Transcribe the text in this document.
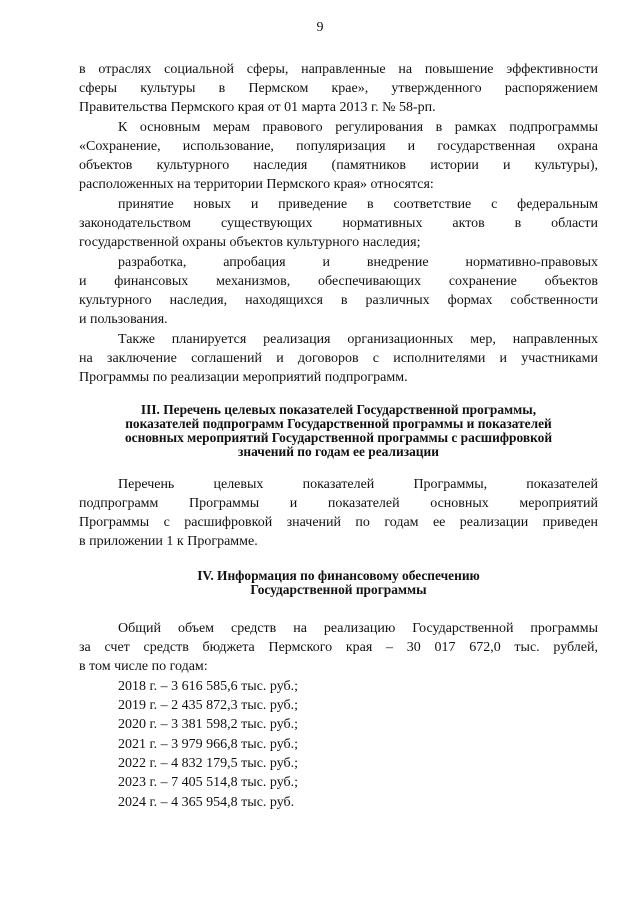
9
в отраслях социальной сферы, направленные на повышение эффективности
сферы культуры в Пермском крае», утвержденного распоряжением
Правительства Пермского края от 01 марта 2013 г. № 58-рп.
К основным мерам правового регулирования в рамках подпрограммы
«Сохранение, использование, популяризация и государственная охрана
объектов культурного наследия (памятников истории и культуры),
расположенных на территории Пермского края» относятся:
принятие новых и приведение в соответствие с федеральным
законодательством существующих нормативных актов в области
государственной охраны объектов культурного наследия;
разработка, апробация и внедрение нормативно-правовых
и финансовых механизмов, обеспечивающих сохранение объектов
культурного наследия, находящихся в различных формах собственности
и пользования.
Также планируется реализация организационных мер, направленных
на заключение соглашений и договоров с исполнителями и участниками
Программы по реализации мероприятий подпрограмм.
III. Перечень целевых показателей Государственной программы,
показателей подпрограмм Государственной программы и показателей
основных мероприятий Государственной программы с расшифровкой
значений по годам ее реализации
Перечень целевых показателей Программы, показателей
подпрограмм Программы и показателей основных мероприятий
Программы с расшифровкой значений по годам ее реализации приведен
в приложении 1 к Программе.
IV. Информация по финансовому обеспечению
Государственной программы
Общий объем средств на реализацию Государственной программы
за счет средств бюджета Пермского края – 30 017 672,0 тыс. рублей,
в том числе по годам:
2018 г. – 3 616 585,6 тыс. руб.;
2019 г. – 2 435 872,3 тыс. руб.;
2020 г. – 3 381 598,2 тыс. руб.;
2021 г. – 3 979 966,8 тыс. руб.;
2022 г. – 4 832 179,5 тыс. руб.;
2023 г. – 7 405 514,8 тыс. руб.;
2024 г. – 4 365 954,8 тыс. руб.
